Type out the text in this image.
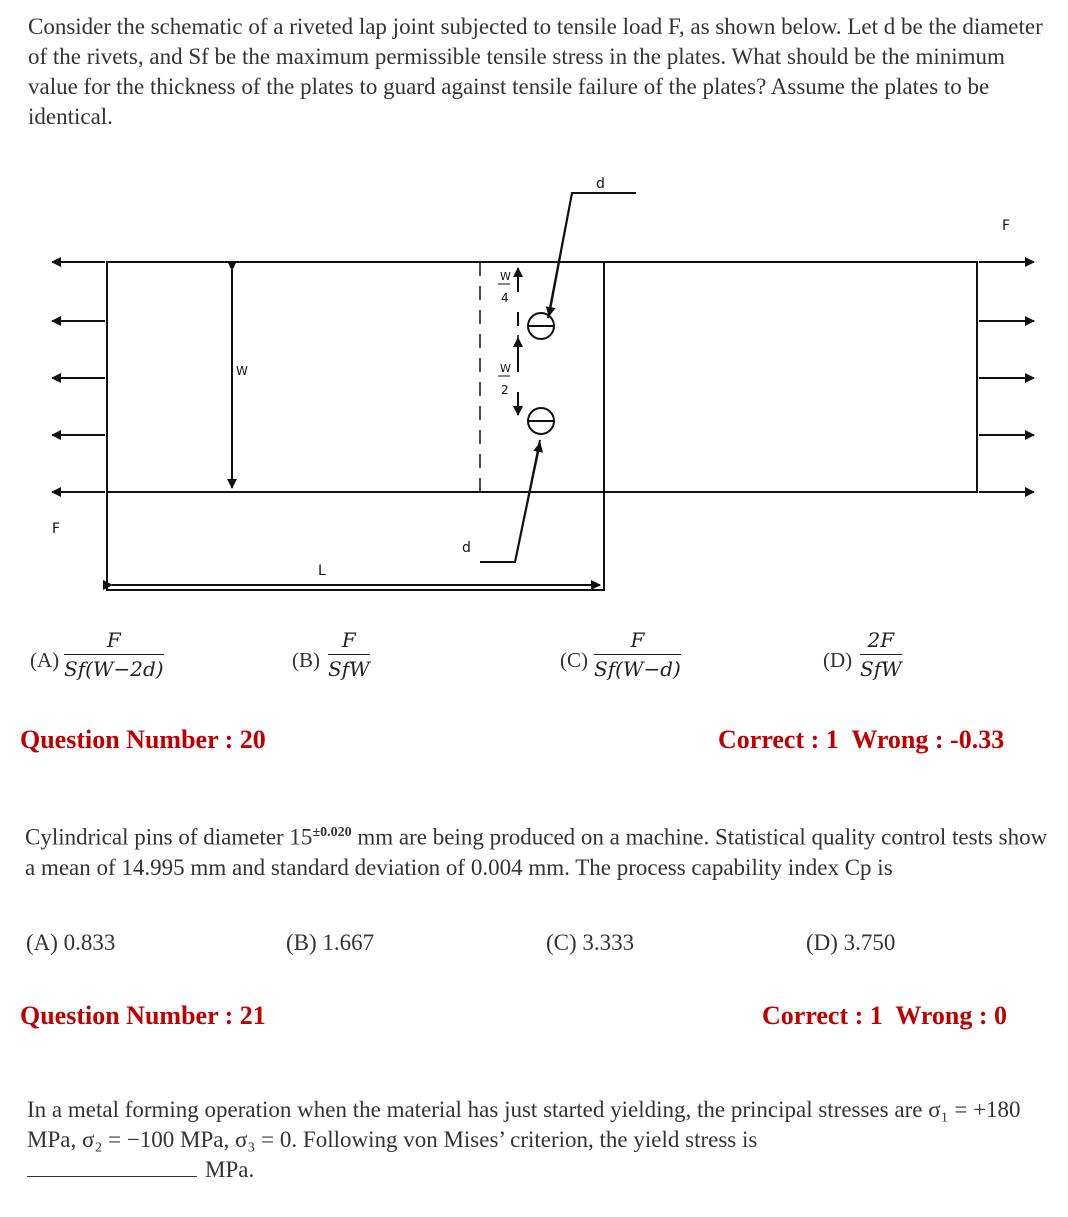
Consider the schematic of a riveted lap joint subjected to tensile load F, as shown below. Let d be the diameter of the rivets, and Sf be the maximum permissible tensile stress in the plates. What should be the minimum value for the thickness of the plates to guard against tensile failure of the plates? Assume the plates to be identical.
d
d
F
F
W
L
W
4
W
2
$(A) \frac{F}{Sf(W-2d)}$	(B)
F
SfW	$(C) \frac{F}{Sf(W-d)}$	(D)
2F
SfW
Question Number : 20	Correct : 1  Wrong : -0.33
Cylindrical pins of diameter $15^{\pm 0.020}$ mm are being produced on a machine. Statistical quality control tests show a mean of 14.995 mm and standard deviation of 0.004 mm. The process capability index Cp is
(A) 0.833	(B) 1.667	(C) 3.333	(D) 3.750
Question Number : 21	Correct : 1  Wrong : 0
In a metal forming operation when the material has just started yielding, the principal stresses are σ₁ = +180 MPa, σ₂ = −100 MPa, σ₃ = 0. Following von Mises’ criterion, the yield stress is
MPa.
